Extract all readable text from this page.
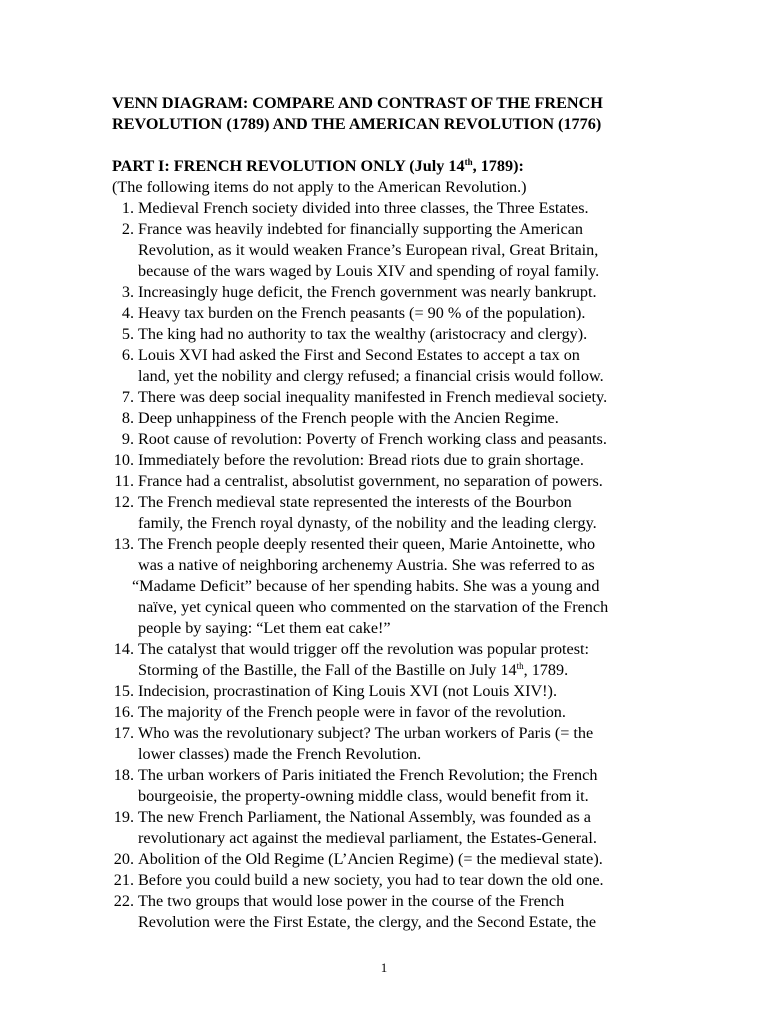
VENN DIAGRAM: COMPARE AND CONTRAST OF THE FRENCH
REVOLUTION (1789) AND THE AMERICAN REVOLUTION (1776)
PART I: FRENCH REVOLUTION ONLY (July 14th, 1789):
(The following items do not apply to the American Revolution.)
1. Medieval French society divided into three classes, the Three Estates.
2. France was heavily indebted for financially supporting the American
Revolution, as it would weaken France’s European rival, Great Britain,
because of the wars waged by Louis XIV and spending of royal family.
3. Increasingly huge deficit, the French government was nearly bankrupt.
4. Heavy tax burden on the French peasants (= 90 % of the population).
5. The king had no authority to tax the wealthy (aristocracy and clergy).
6. Louis XVI had asked the First and Second Estates to accept a tax on
land, yet the nobility and clergy refused; a financial crisis would follow.
7. There was deep social inequality manifested in French medieval society.
8. Deep unhappiness of the French people with the Ancien Regime.
9. Root cause of revolution: Poverty of French working class and peasants.
10. Immediately before the revolution: Bread riots due to grain shortage.
11. France had a centralist, absolutist government, no separation of powers.
12. The French medieval state represented the interests of the Bourbon
family, the French royal dynasty, of the nobility and the leading clergy.
13. The French people deeply resented their queen, Marie Antoinette, who
was a native of neighboring archenemy Austria. She was referred to as
“Madame Deficit” because of her spending habits. She was a young and
naïve, yet cynical queen who commented on the starvation of the French
people by saying: “Let them eat cake!”
14. The catalyst that would trigger off the revolution was popular protest:
Storming of the Bastille, the Fall of the Bastille on July 14th, 1789.
15. Indecision, procrastination of King Louis XVI (not Louis XIV!).
16. The majority of the French people were in favor of the revolution.
17. Who was the revolutionary subject? The urban workers of Paris (= the
lower classes) made the French Revolution.
18. The urban workers of Paris initiated the French Revolution; the French
bourgeoisie, the property-owning middle class, would benefit from it.
19. The new French Parliament, the National Assembly, was founded as a
revolutionary act against the medieval parliament, the Estates-General.
20. Abolition of the Old Regime (L’Ancien Regime) (= the medieval state).
21. Before you could build a new society, you had to tear down the old one.
22. The two groups that would lose power in the course of the French
Revolution were the First Estate, the clergy, and the Second Estate, the
1
